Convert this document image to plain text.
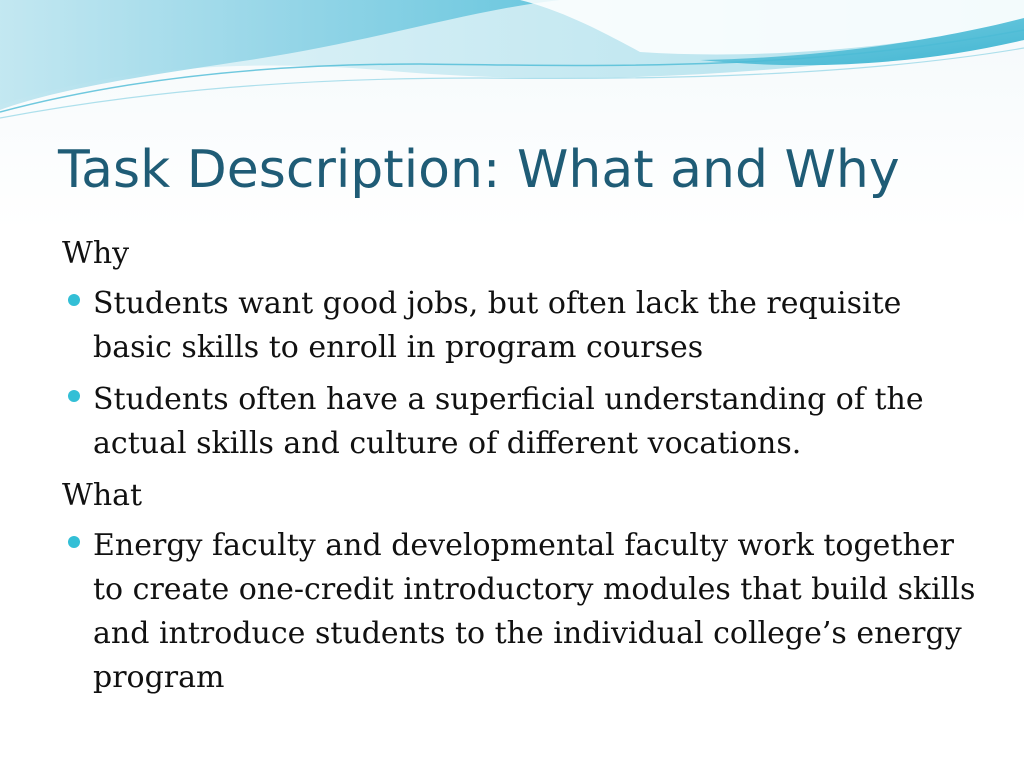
Task Description: What and Why
Why
Students want good jobs, but often lack the requisite basic skills to enroll in program courses
Students often have a superficial understanding of the actual skills and culture of different vocations.
What
Energy faculty and developmental faculty work together to create one-credit introductory modules that build skills and introduce students to the individual college’s energy program
